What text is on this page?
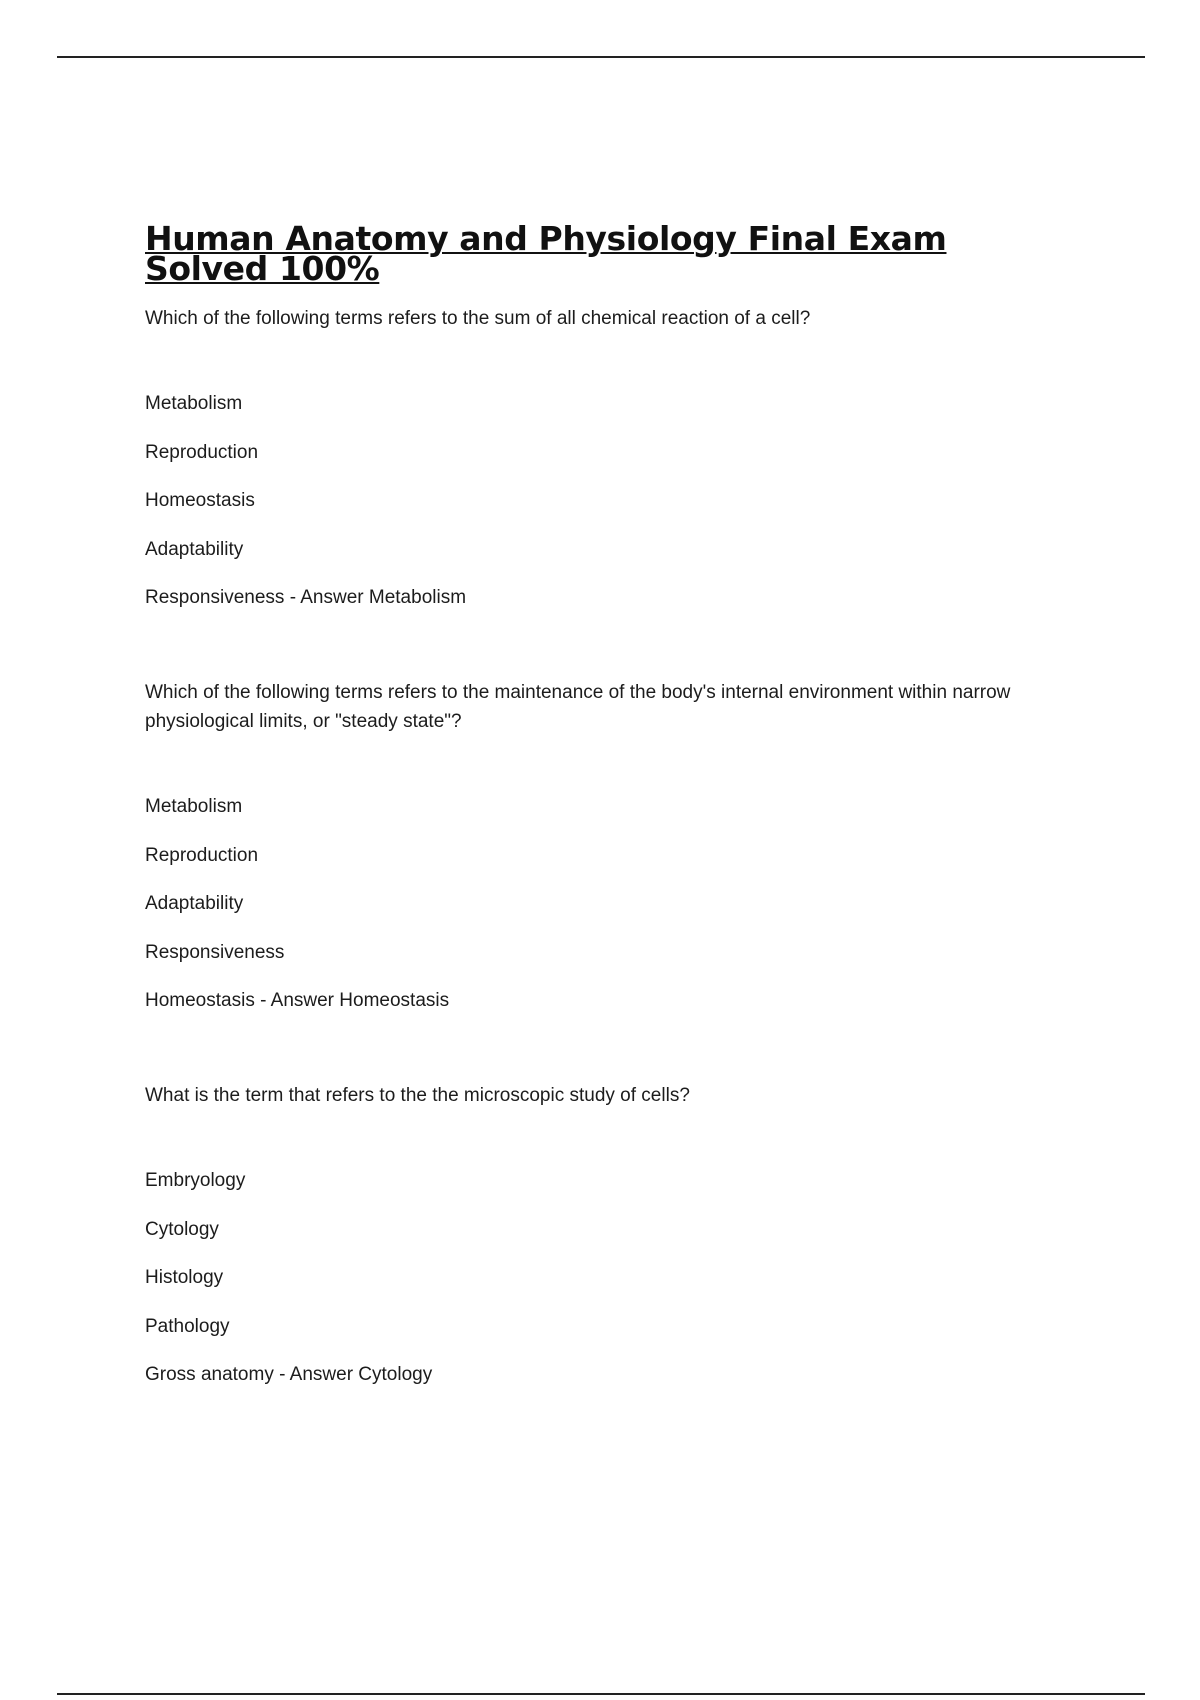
Human Anatomy and Physiology Final Exam Solved 100%

Which of the following terms refers to the sum of all chemical reaction of a cell?

Metabolism
Reproduction
Homeostasis
Adaptability
Responsiveness - Answer Metabolism

Which of the following terms refers to the maintenance of the body's internal environment within narrow physiological limits, or "steady state"?

Metabolism
Reproduction
Adaptability
Responsiveness
Homeostasis - Answer Homeostasis

What is the term that refers to the the microscopic study of cells?

Embryology
Cytology
Histology
Pathology
Gross anatomy - Answer Cytology
